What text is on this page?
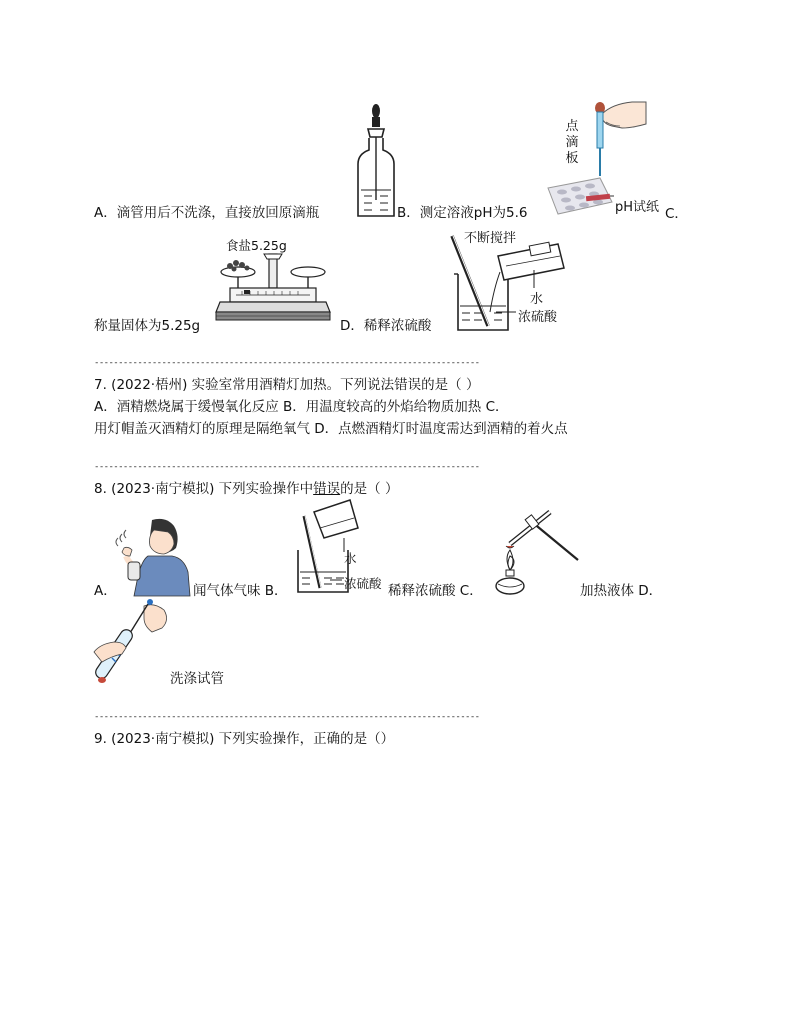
A．滴管用后不洗涤，直接放回原滴瓶	B．测定溶液pH为5.6
点
滴
板
pH试纸 C．
食盐5.25g	不断搅拌
水
浓硫酸
称量固体为5.25g	D．稀释浓硫酸
--------------------------------------------------------------------------------
7. (2022·梧州) 实验室常用酒精灯加热。下列说法错误的是（ ）
A．酒精燃烧属于缓慢氧化反应 B．用温度较高的外焰给物质加热 C．
用灯帽盖灭酒精灯的原理是隔绝氧气 D．点燃酒精灯时温度需达到酒精的着火点
--------------------------------------------------------------------------------
8. (2023·南宁模拟) 下列实验操作中错误的是（ ）
A．	闻气体气味 B．
水
浓硫酸 稀释浓硫酸 C．	加热液体 D．
洗涤试管
--------------------------------------------------------------------------------
9. (2023·南宁模拟) 下列实验操作，正确的是（）
